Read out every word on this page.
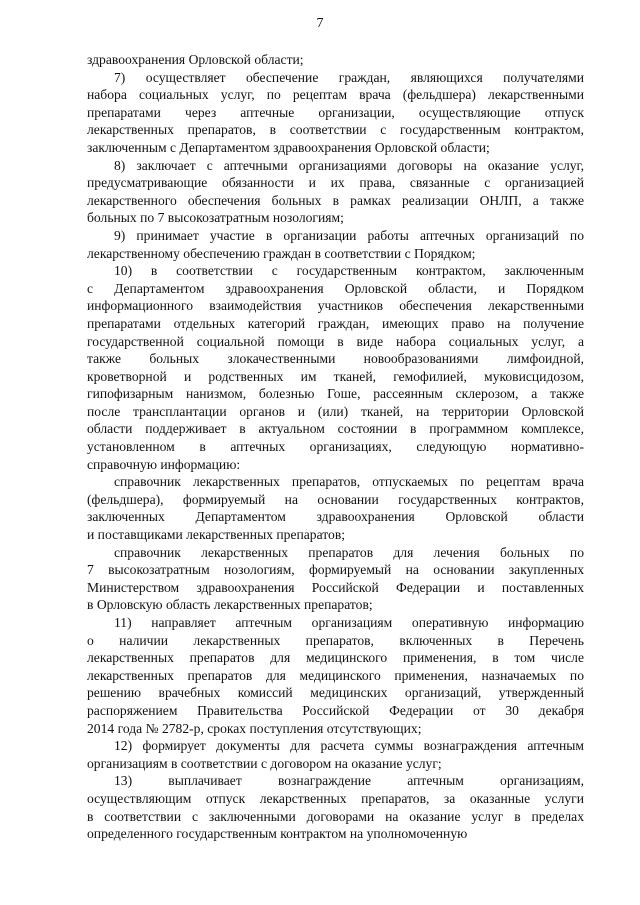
7
здравоохранения Орловской области;
7) осуществляет обеспечение граждан, являющихся получателями
набора социальных услуг, по рецептам врача (фельдшера) лекарственными
препаратами через аптечные организации, осуществляющие отпуск
лекарственных препаратов, в соответствии с государственным контрактом,
заключенным с Департаментом здравоохранения Орловской области;
8) заключает с аптечными организациями договоры на оказание услуг,
предусматривающие обязанности и их права, связанные с организацией
лекарственного обеспечения больных в рамках реализации ОНЛП, а также
больных по 7 высокозатратным нозологиям;
9) принимает участие в организации работы аптечных организаций по
лекарственному обеспечению граждан в соответствии с Порядком;
10) в соответствии с государственным контрактом, заключенным
с Департаментом здравоохранения Орловской области, и Порядком
информационного взаимодействия участников обеспечения лекарственными
препаратами отдельных категорий граждан, имеющих право на получение
государственной социальной помощи в виде набора социальных услуг, а
также больных злокачественными новообразованиями лимфоидной,
кроветворной и родственных им тканей, гемофилией, муковисцидозом,
гипофизарным нанизмом, болезнью Гоше, рассеянным склерозом, а также
после трансплантации органов и (или) тканей, на территории Орловской
области поддерживает в актуальном состоянии в программном комплексе,
установленном в аптечных организациях, следующую нормативно-
справочную информацию:
справочник лекарственных препаратов, отпускаемых по рецептам врача
(фельдшера), формируемый на основании государственных контрактов,
заключенных Департаментом здравоохранения Орловской области
и поставщиками лекарственных препаратов;
справочник лекарственных препаратов для лечения больных по
7 высокозатратным нозологиям, формируемый на основании закупленных
Министерством здравоохранения Российской Федерации и поставленных
в Орловскую область лекарственных препаратов;
11) направляет аптечным организациям оперативную информацию
о наличии лекарственных препаратов, включенных в Перечень
лекарственных препаратов для медицинского применения, в том числе
лекарственных препаратов для медицинского применения, назначаемых по
решению врачебных комиссий медицинских организаций, утвержденный
распоряжением Правительства Российской Федерации от 30 декабря
2014 года № 2782-р, сроках поступления отсутствующих;
12) формирует документы для расчета суммы вознаграждения аптечным
организациям в соответствии с договором на оказание услуг;
13) выплачивает вознаграждение аптечным организациям,
осуществляющим отпуск лекарственных препаратов, за оказанные услуги
в соответствии с заключенными договорами на оказание услуг в пределах
определенного государственным контрактом на уполномоченную
